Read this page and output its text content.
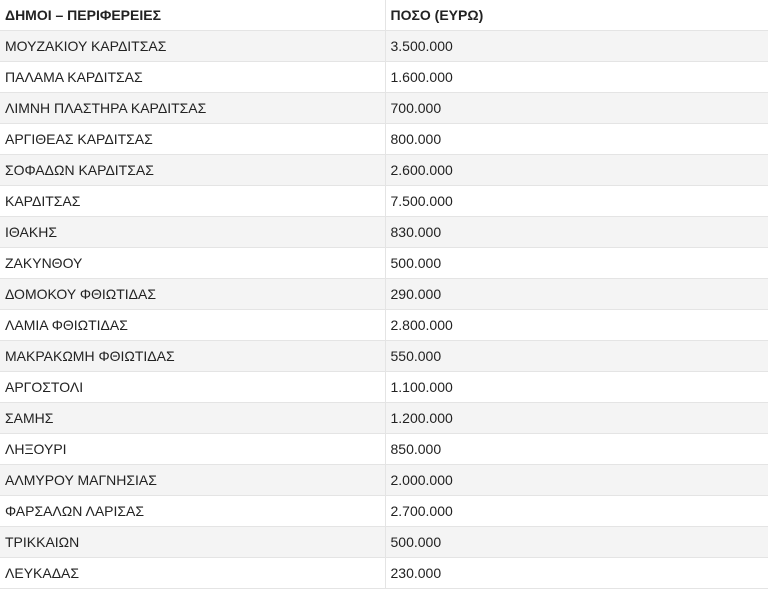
ΔΗΜΟΙ – ΠΕΡΙΦΕΡΕΙΕΣ	ΠΟΣΟ (ΕΥΡΩ)
ΜΟΥΖΑΚΙΟΥ ΚΑΡΔΙΤΣΑΣ	3.500.000
ΠΑΛΑΜΑ ΚΑΡΔΙΤΣΑΣ	1.600.000
ΛΙΜΝΗ ΠΛΑΣΤΗΡΑ ΚΑΡΔΙΤΣΑΣ	700.000
ΑΡΓΙΘΕΑΣ ΚΑΡΔΙΤΣΑΣ	800.000
ΣΟΦΑΔΩΝ ΚΑΡΔΙΤΣΑΣ	2.600.000
ΚΑΡΔΙΤΣΑΣ	7.500.000
ΙΘΑΚΗΣ	830.000
ΖΑΚΥΝΘΟΥ	500.000
ΔΟΜΟΚΟΥ ΦΘΙΩΤΙΔΑΣ	290.000
ΛΑΜΙΑ ΦΘΙΩΤΙΔΑΣ	2.800.000
ΜΑΚΡΑΚΩΜΗ ΦΘΙΩΤΙΔΑΣ	550.000
ΑΡΓΟΣΤΟΛΙ	1.100.000
ΣΑΜΗΣ	1.200.000
ΛΗΞΟΥΡΙ	850.000
ΑΛΜΥΡΟΥ ΜΑΓΝΗΣΙΑΣ	2.000.000
ΦΑΡΣΑΛΩΝ ΛΑΡΙΣΑΣ	2.700.000
ΤΡΙΚΚΑΙΩΝ	500.000
ΛΕΥΚΑΔΑΣ	230.000
